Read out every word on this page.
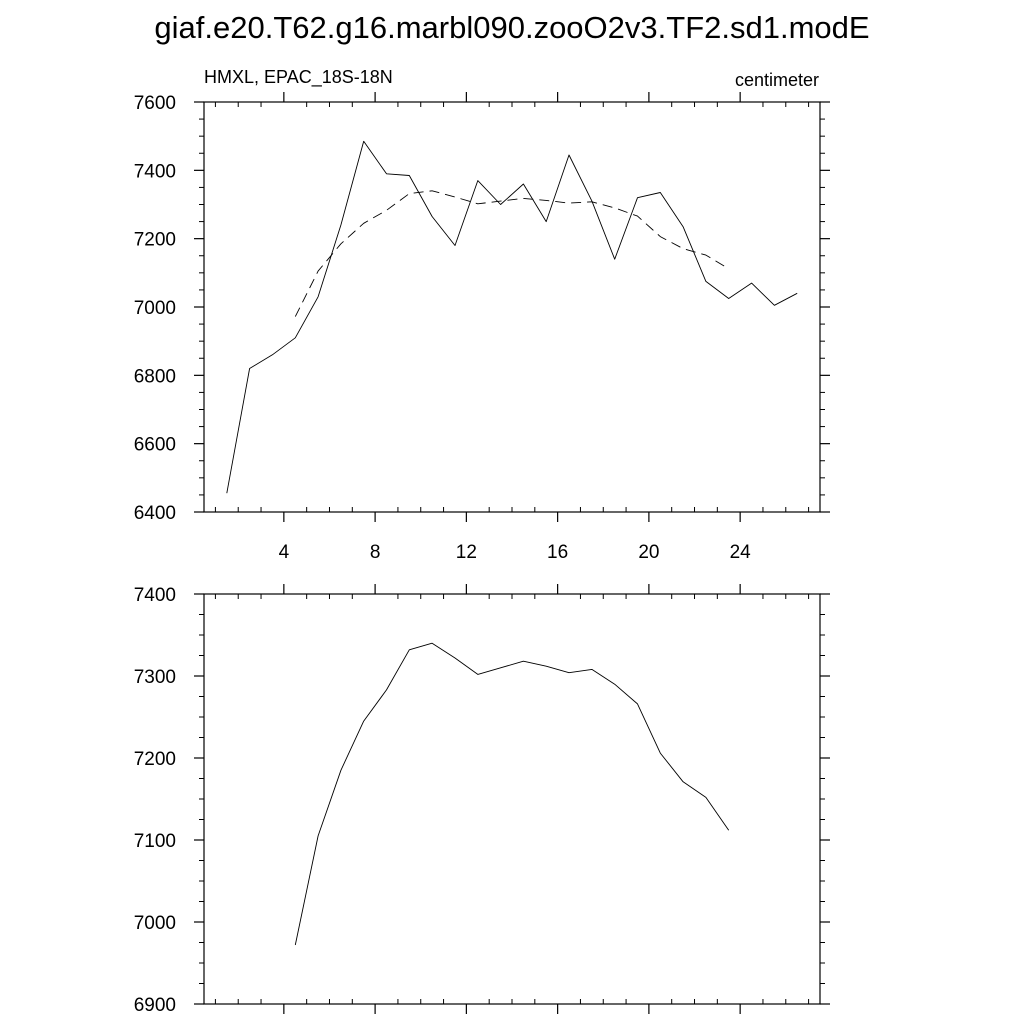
giaf.e20.T62.g16.marbl090.zooO2v3.TF2.sd1.modE
HMXL, EPAC_18S-18N	centimeter
4	8	12	16	20	24
6400
6600
6800
7000
7200
7400
7600
6900
7000
7100
7200
7300
7400
